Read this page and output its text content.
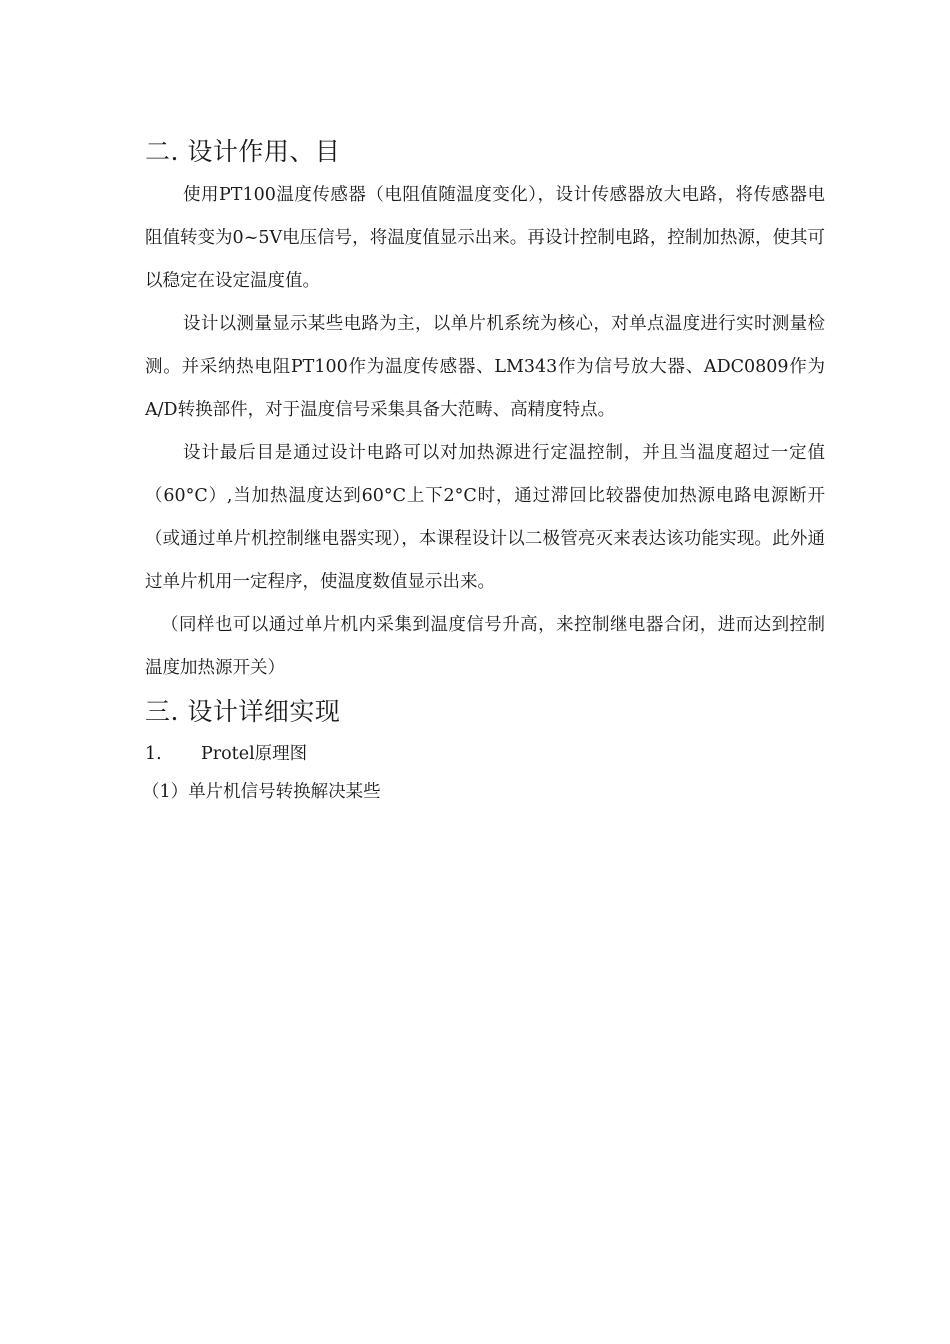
二. 设计作用、目

使用PT100温度传感器（电阻值随温度变化），设计传感器放大电路，将传感器电阻值转变为0~5V电压信号，将温度值显示出来。再设计控制电路，控制加热源，使其可以稳定在设定温度值。

设计以测量显示某些电路为主，以单片机系统为核心，对单点温度进行实时测量检测。并采纳热电阻PT100作为温度传感器、LM343作为信号放大器、ADC0809作为A/D转换部件，对于温度信号采集具备大范畴、高精度特点。

设计最后目是通过设计电路可以对加热源进行定温控制，并且当温度超过一定值（60°C）,当加热温度达到60°C上下2°C时，通过滞回比较器使加热源电路电源断开（或通过单片机控制继电器实现），本课程设计以二极管亮灭来表达该功能实现。此外通过单片机用一定程序，使温度数值显示出来。

（同样也可以通过单片机内采集到温度信号升高，来控制继电器合闭，进而达到控制温度加热源开关）

三. 设计详细实现
1. Protel原理图
（1）单片机信号转换解决某些
